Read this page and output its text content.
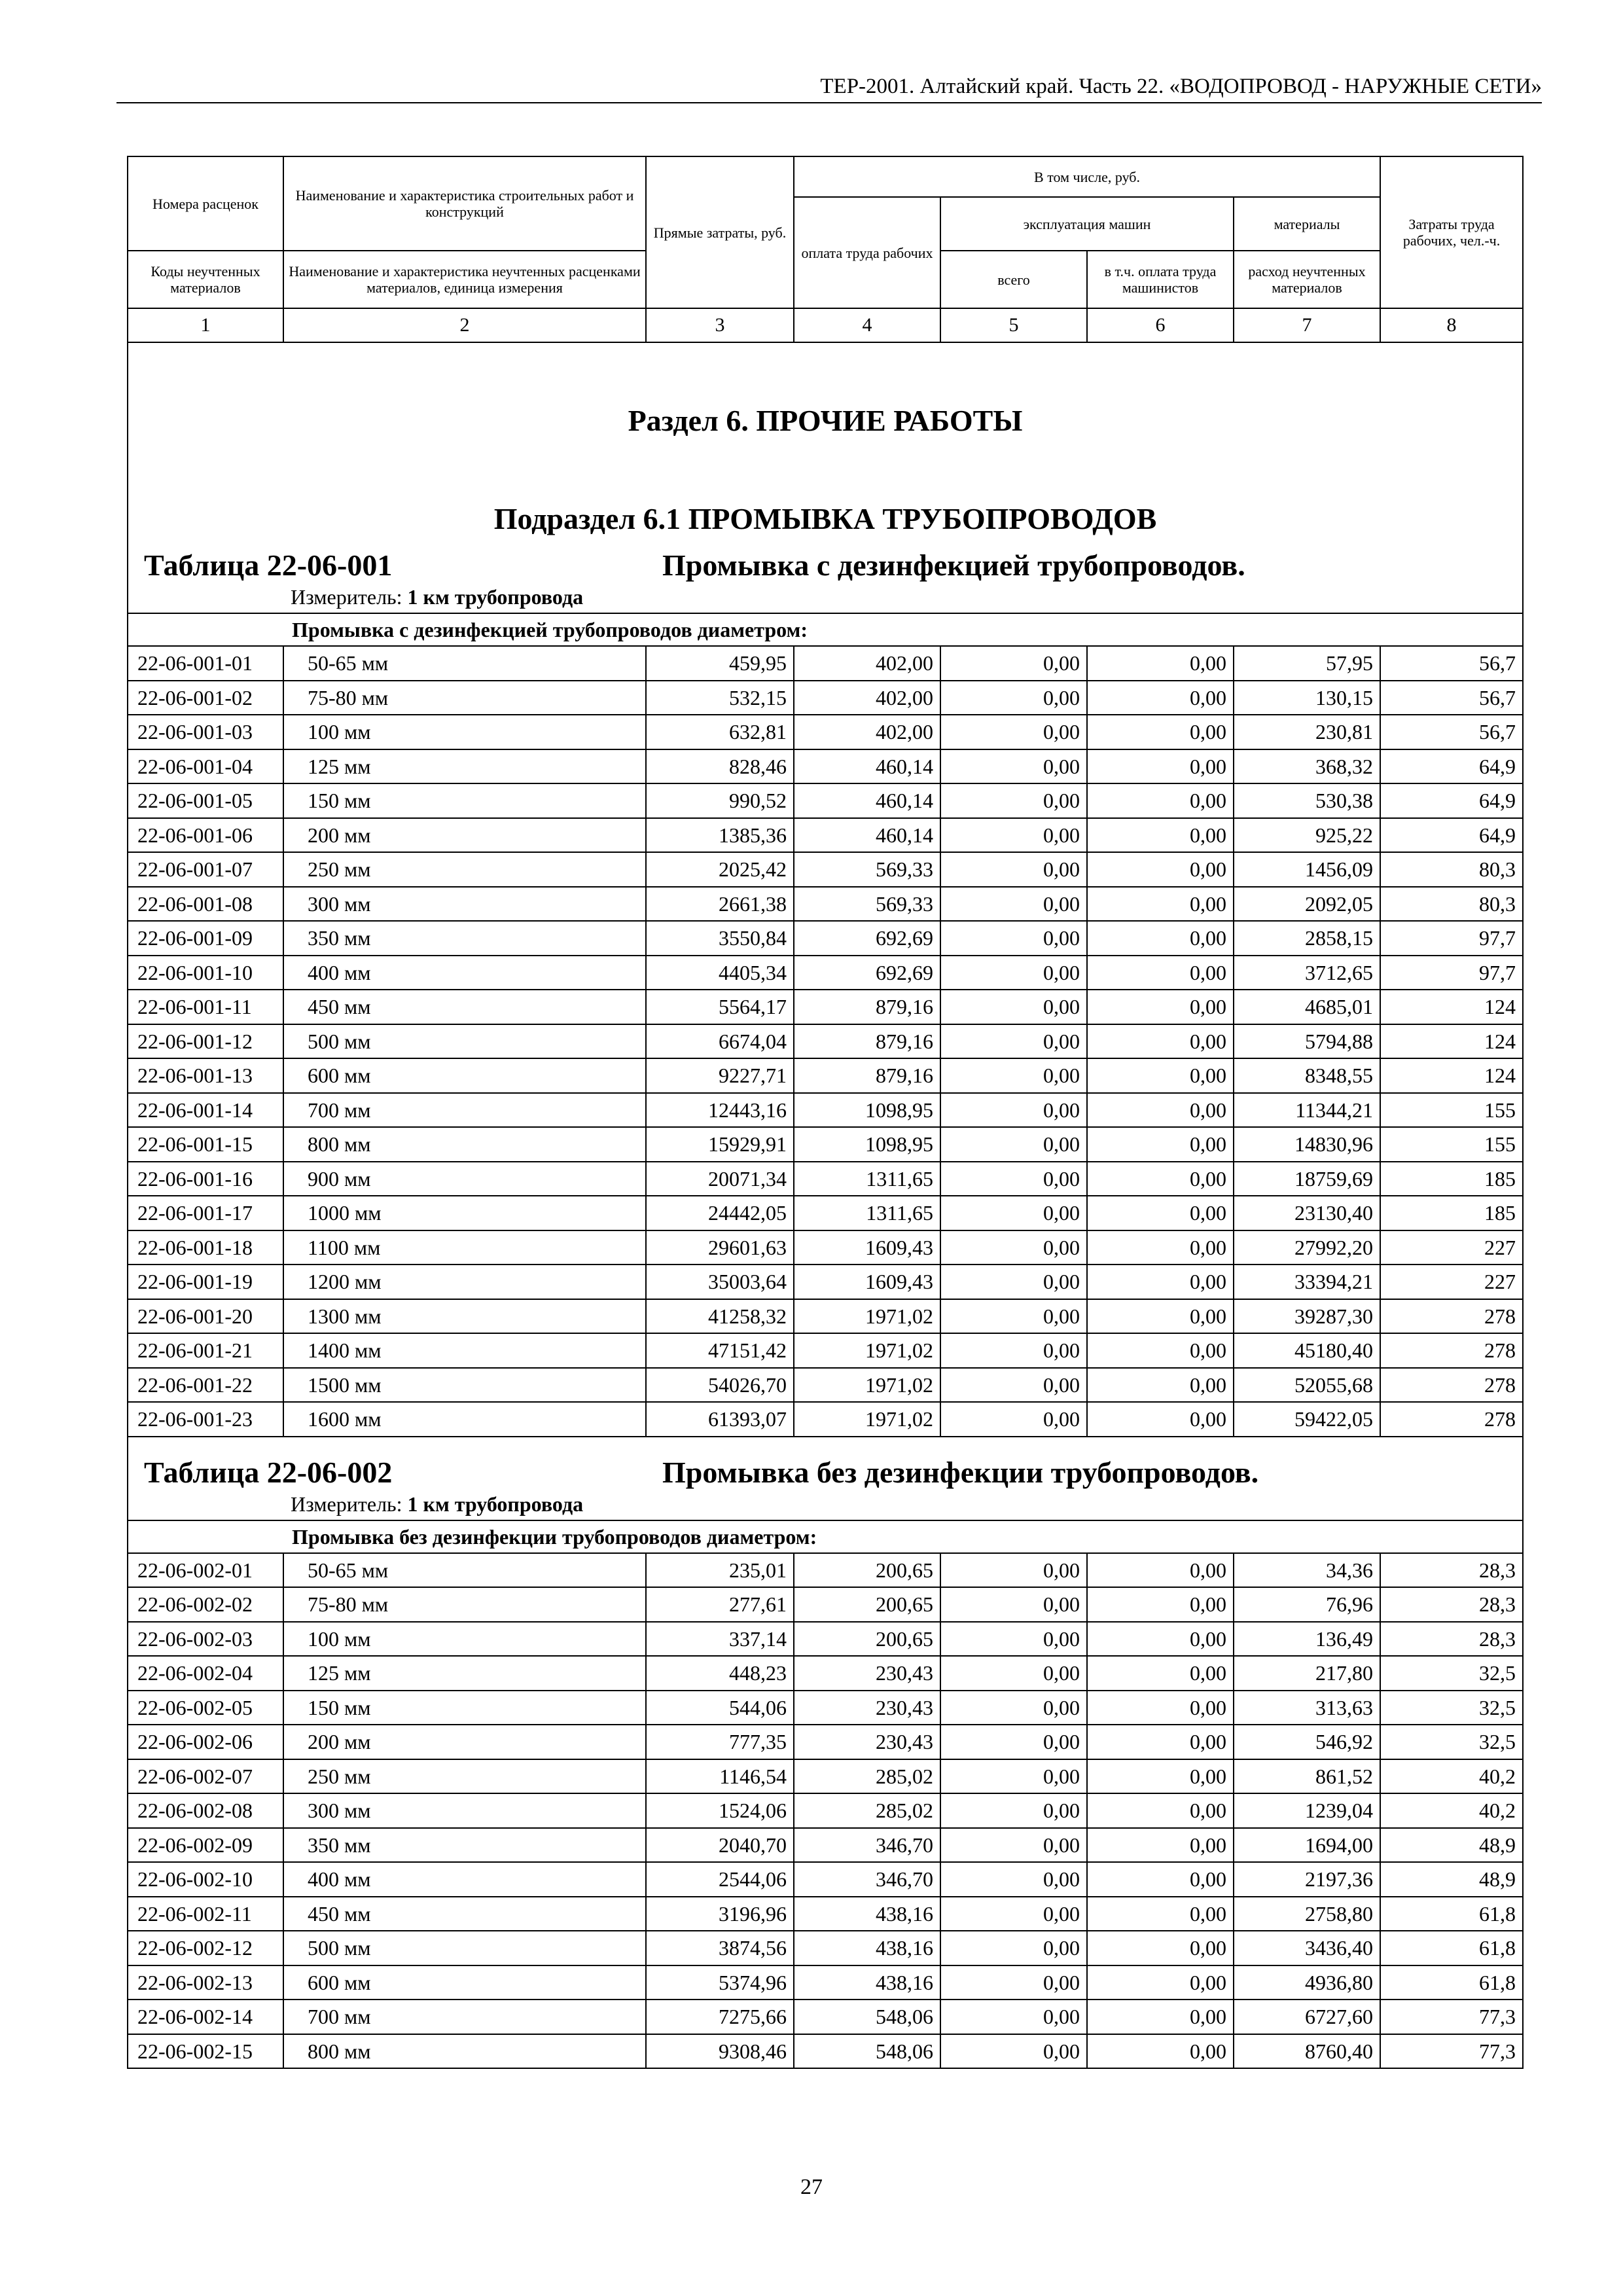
ТЕР-2001. Алтайский край. Часть 22. «ВОДОПРОВОД - НАРУЖНЫЕ СЕТИ»
Номера расценок	Наименование и характеристика строительных работ и конструкций	Прямые затраты, руб.	В том числе, руб.				Затраты труда рабочих, чел.-ч.
			оплата труда рабочих	эксплуатация машин		материалы	
Коды неучтенных материалов	Наименование и характеристика неучтенных расценками материалов, единица измерения			всего	в т.ч. оплата труда машинистов	расход неучтенных материалов	
1	2	3	4	5	6	7	8

Раздел 6. ПРОЧИЕ РАБОТЫ
Подраздел 6.1 ПРОМЫВКА ТРУБОПРОВОДОВ
Таблица 22-06-001 Промывка с дезинфекцией трубопроводов.
Измеритель: 1 км трубопровода							

Промывка с дезинфекцией трубопроводов диаметром:							
22-06-001-01	50-65 мм	459,95	402,00	0,00	0,00	57,95	56,7
22-06-001-02	75-80 мм	532,15	402,00	0,00	0,00	130,15	56,7
22-06-001-03	100 мм	632,81	402,00	0,00	0,00	230,81	56,7
22-06-001-04	125 мм	828,46	460,14	0,00	0,00	368,32	64,9
22-06-001-05	150 мм	990,52	460,14	0,00	0,00	530,38	64,9
22-06-001-06	200 мм	1385,36	460,14	0,00	0,00	925,22	64,9
22-06-001-07	250 мм	2025,42	569,33	0,00	0,00	1456,09	80,3
22-06-001-08	300 мм	2661,38	569,33	0,00	0,00	2092,05	80,3
22-06-001-09	350 мм	3550,84	692,69	0,00	0,00	2858,15	97,7
22-06-001-10	400 мм	4405,34	692,69	0,00	0,00	3712,65	97,7
22-06-001-11	450 мм	5564,17	879,16	0,00	0,00	4685,01	124
22-06-001-12	500 мм	6674,04	879,16	0,00	0,00	5794,88	124
22-06-001-13	600 мм	9227,71	879,16	0,00	0,00	8348,55	124
22-06-001-14	700 мм	12443,16	1098,95	0,00	0,00	11344,21	155
22-06-001-15	800 мм	15929,91	1098,95	0,00	0,00	14830,96	155
22-06-001-16	900 мм	20071,34	1311,65	0,00	0,00	18759,69	185
22-06-001-17	1000 мм	24442,05	1311,65	0,00	0,00	23130,40	185
22-06-001-18	1100 мм	29601,63	1609,43	0,00	0,00	27992,20	227
22-06-001-19	1200 мм	35003,64	1609,43	0,00	0,00	33394,21	227
22-06-001-20	1300 мм	41258,32	1971,02	0,00	0,00	39287,30	278
22-06-001-21	1400 мм	47151,42	1971,02	0,00	0,00	45180,40	278
22-06-001-22	1500 мм	54026,70	1971,02	0,00	0,00	52055,68	278
22-06-001-23	1600 мм	61393,07	1971,02	0,00	0,00	59422,05	278

Таблица 22-06-002 Промывка без дезинфекции трубопроводов.
Измеритель: 1 км трубопровода							

Промывка без дезинфекции трубопроводов диаметром:							
22-06-002-01	50-65 мм	235,01	200,65	0,00	0,00	34,36	28,3
22-06-002-02	75-80 мм	277,61	200,65	0,00	0,00	76,96	28,3
22-06-002-03	100 мм	337,14	200,65	0,00	0,00	136,49	28,3
22-06-002-04	125 мм	448,23	230,43	0,00	0,00	217,80	32,5
22-06-002-05	150 мм	544,06	230,43	0,00	0,00	313,63	32,5
22-06-002-06	200 мм	777,35	230,43	0,00	0,00	546,92	32,5
22-06-002-07	250 мм	1146,54	285,02	0,00	0,00	861,52	40,2
22-06-002-08	300 мм	1524,06	285,02	0,00	0,00	1239,04	40,2
22-06-002-09	350 мм	2040,70	346,70	0,00	0,00	1694,00	48,9
22-06-002-10	400 мм	2544,06	346,70	0,00	0,00	2197,36	48,9
22-06-002-11	450 мм	3196,96	438,16	0,00	0,00	2758,80	61,8
22-06-002-12	500 мм	3874,56	438,16	0,00	0,00	3436,40	61,8
22-06-002-13	600 мм	5374,96	438,16	0,00	0,00	4936,80	61,8
22-06-002-14	700 мм	7275,66	548,06	0,00	0,00	6727,60	77,3
22-06-002-15	800 мм	9308,46	548,06	0,00	0,00	8760,40	77,3
27
